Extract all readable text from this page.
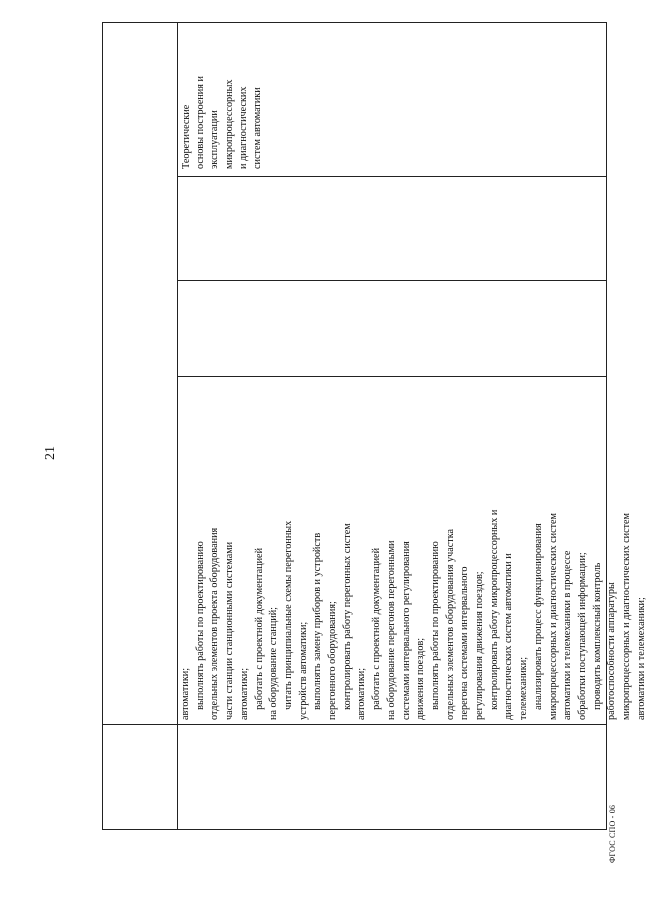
21
автоматики; выполнять работы по проектированию отдельных элементов проекта оборудования части станции станционными системами автоматики; работать с проектной документацией на оборудование станций; читать принципиальные схемы перегонных устройств автоматики; выполнять замену приборов и устройств перегонного оборудования; контролировать работу перегонных систем автоматики; работать с проектной документацией на оборудование перегонов перегонными системами интервального регулирования движения поездов; выполнять работы по проектированию отдельных элементов оборудования участка перегона системами интервального регулирования движения поездов; контролировать работу микропроцессорных и диагностических систем автоматики и телемеханики; анализировать процесс функционирования микропроцессорных и диагностических систем автоматики и телемеханики в процессе обработки поступающей информации; проводить комплексный контроль работоспособности аппаратуры микропроцессорных и диагностических систем автоматики и телемеханики;
Теоретические основы построения и эксплуатации микропроцессорных и диагностических систем автоматики
ФГОС СПО - 06
